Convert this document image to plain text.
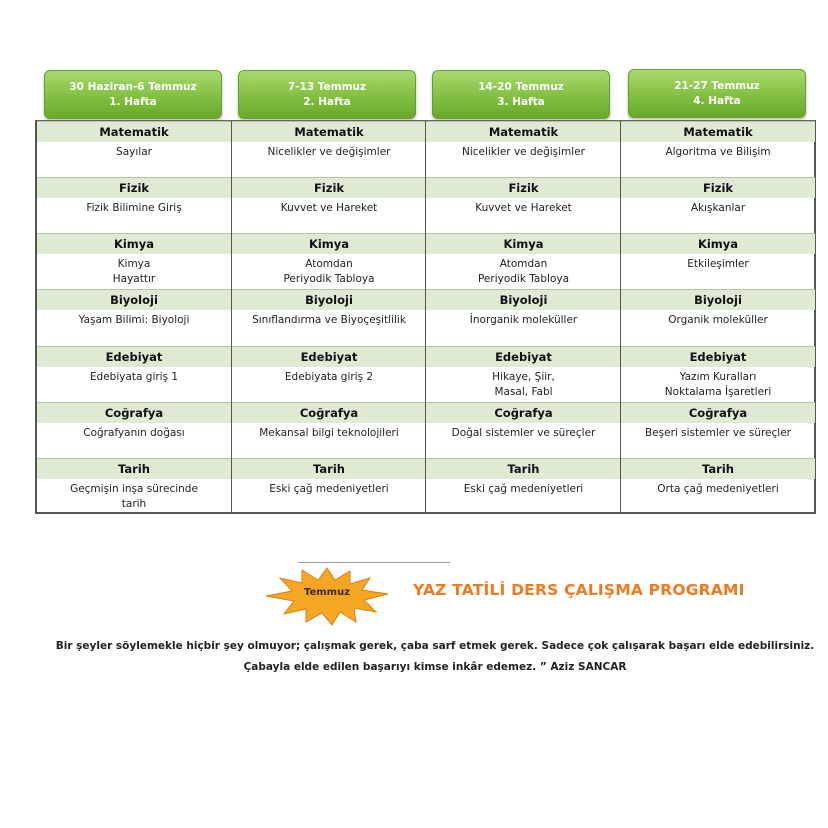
30 Haziran-6 Temmuz
1. Hafta
7-13 Temmuz
2. Hafta
14-20 Temmuz
3. Hafta
21-27 Temmuz
4. Hafta
Matematik
Sayılar
Fizik
Fizik Bilimine Giriş
Kimya
Kimya
Hayattır
Biyoloji
Yaşam Bilimi: Biyoloji
Edebiyat
Edebiyata giriş 1
Coğrafya
Coğrafyanın doğası
Tarih
Geçmişin inşa sürecinde
tarih
Matematik
Nicelikler ve değişimler
Fizik
Kuvvet ve Hareket
Kimya
Atomdan
Periyodik Tabloya
Biyoloji
Sınıflandırma ve Biyoçeşitlilik
Edebiyat
Edebiyata giriş 2
Coğrafya
Mekansal bilgi teknolojileri
Tarih
Eski çağ medeniyetleri
Matematik
Nicelikler ve değişimler
Fizik
Kuvvet ve Hareket
Kimya
Atomdan
Periyodik Tabloya
Biyoloji
İnorganik moleküller
Edebiyat
Hikaye, Şiir,
Masal, Fabl
Coğrafya
Doğal sistemler ve süreçler
Tarih
Eski çağ medeniyetleri
Matematik
Algoritma ve Bilişim
Fizik
Akışkanlar
Kimya
Etkileşimler
Biyoloji
Organik moleküller
Edebiyat
Yazım Kuralları
Noktalama İşaretleri
Coğrafya
Beşeri sistemler ve süreçler
Tarih
Orta çağ medeniyetleri
Temmuz	YAZ TATİLİ DERS ÇALIŞMA PROGRAMI
Bir şeyler söylemekle hiçbir şey olmuyor; çalışmak gerek, çaba sarf etmek gerek. Sadece çok çalışarak başarı elde edebilirsiniz.
Çabayla elde edilen başarıyı kimse inkâr edemez. ” Aziz SANCAR
